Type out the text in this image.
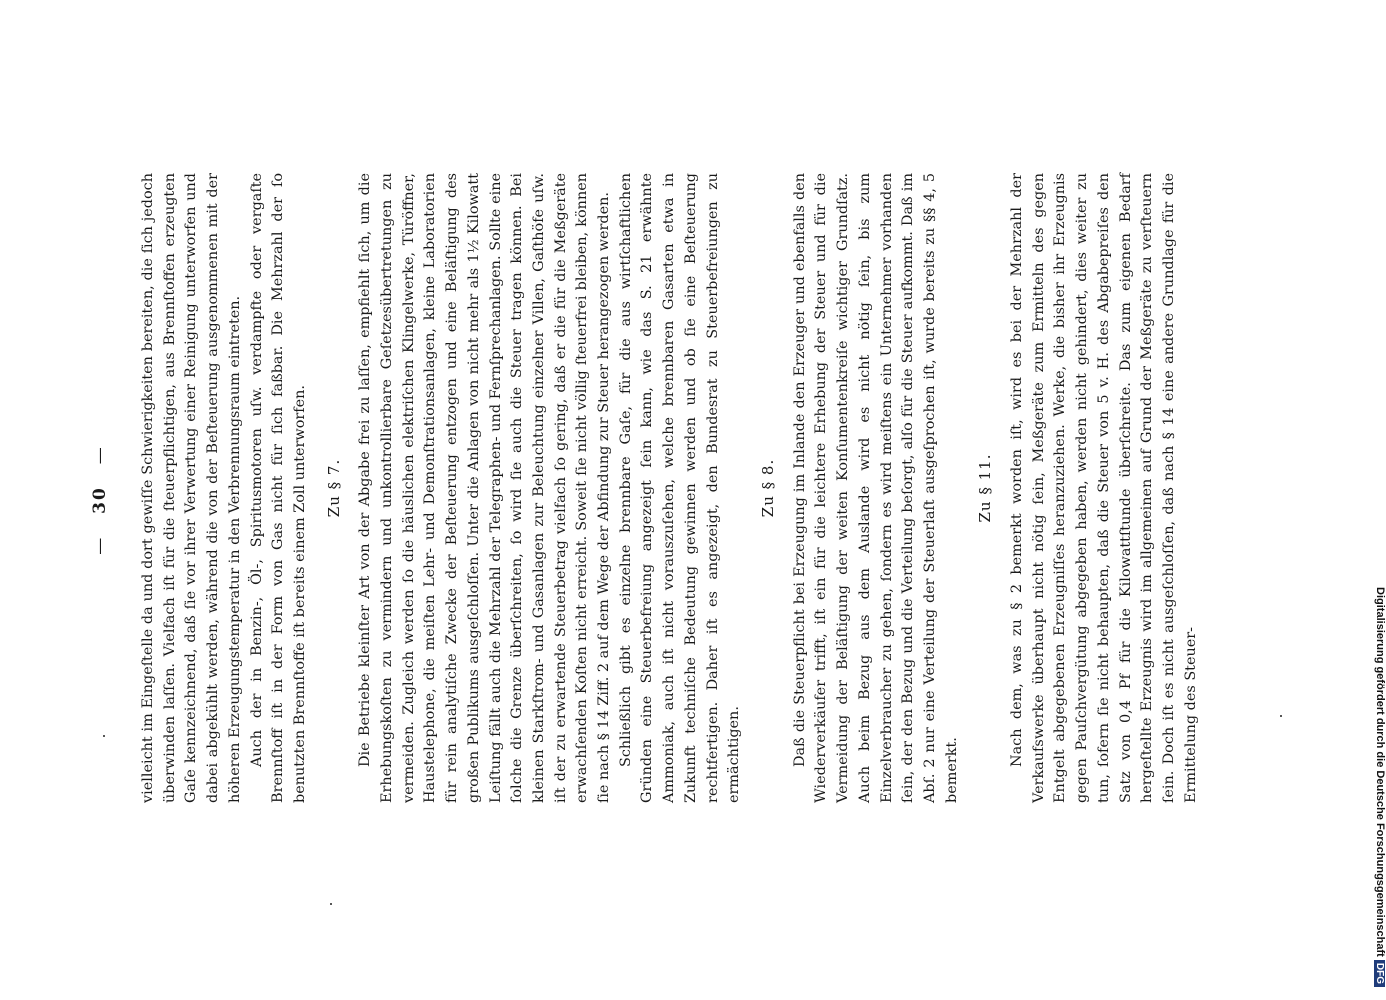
— 30 — vielleicht im Eingeſtelle da und dort gewiſſe Schwierigkeiten bereiten, die ſich jedoch überwinden laſſen. Vielfach iſt für die ſteuerpflichtigen, aus Brennſtoffen erzeugten Gaſe kennzeichnend, daß ſie vor ihrer Verwertung einer Reinigung unterworfen und dabei abgekühlt werden, während die von der Beſteuerung ausgenommenen mit der höheren Erzeugungstemperatur in den Verbrennungsraum eintreten. Auch der in Benzin-, Öl-, Spiritusmotoren uſw. verdampfte oder vergaſte Brennſtoff iſt in der Form von Gas nicht für ſich faßbar. Die Mehrzahl der ſo benutzten Brennſtoffe iſt bereits einem Zoll unterworfen. Zu § 7. Die Betriebe kleinſter Art von der Abgabe frei zu laſſen, empfiehlt ſich, um die Erhebungskoſten zu vermindern und unkontrollierbare Geſetzesübertretungen zu vermeiden. Zugleich werden ſo die häuslichen elektriſchen Klingelwerke, Türöffner, Haustelephone, die meiſten Lehr- und Demonſtrationsanlagen, kleine Laboratorien für rein analytiſche Zwecke der Beſteuerung entzogen und eine Beläſtigung des großen Publikums ausgeſchloſſen. Unter die Anlagen von nicht mehr als 1½ Kilowatt Leiſtung fällt auch die Mehrzahl der Telegraphen- und Fernſprechanlagen. Sollte eine ſolche die Grenze überſchreiten, ſo wird ſie auch die Steuer tragen können. Bei kleinen Starkſtrom- und Gasanlagen zur Beleuchtung einzelner Villen, Gaſthöfe uſw. iſt der zu erwartende Steuerbetrag vielfach ſo gering, daß er die für die Meßgeräte erwachſenden Koſten nicht erreicht. Soweit ſie nicht völlig ſteuerfrei bleiben, können ſie nach § 14 Ziff. 2 auf dem Wege der Abfindung zur Steuer herangezogen werden. Schließlich gibt es einzelne brennbare Gaſe, für die aus wirtſchaftlichen Gründen eine Steuerbefreiung angezeigt ſein kann, wie das S. 21 erwähnte Ammoniak, auch iſt nicht vorauszuſehen, welche brennbaren Gasarten etwa in Zukunft techniſche Bedeutung gewinnen werden und ob ſie eine Beſteuerung rechtfertigen. Daher iſt es angezeigt, den Bundesrat zu Steuerbefreiungen zu ermächtigen.

Zu § 8. Daß die Steuerpflicht bei Erzeugung im Inlande den Erzeuger und ebenfalls den Wiederverkäufer trifft, iſt ein für die leichtere Erhebung der Steuer und für die Vermeidung der Beläſtigung der weiten Konſumentenkreiſe wichtiger Grundſatz. Auch beim Bezug aus dem Auslande wird es nicht nötig ſein, bis zum Einzelverbraucher zu gehen, ſondern es wird meiſtens ein Unternehmer vorhanden ſein, der den Bezug und die Verteilung beſorgt, alſo für die Steuer aufkommt. Daß im Abſ. 2 nur eine Verteilung der Steuerlaſt ausgeſprochen iſt, wurde bereits zu §§ 4, 5 bemerkt.

Zu § 11. Nach dem, was zu § 2 bemerkt worden iſt, wird es bei der Mehrzahl der Verkaufswerke überhaupt nicht nötig ſein, Meßgeräte zum Ermitteln des gegen Entgelt abgegebenen Erzeugniſſes heranzuziehen. Werke, die bisher ihr Erzeugnis gegen Pauſchvergütung abgegeben haben, werden nicht gehindert, dies weiter zu tun, ſofern ſie nicht behaupten, daß die Steuer von 5 v. H. des Abgabepreiſes den Satz von 0,4 Pf für die Kilowattſtunde überſchreite. Das zum eigenen Bedarf hergeſtellte Erzeugnis wird im allgemeinen auf Grund der Meßgeräte zu verſteuern ſein. Doch iſt es nicht ausgeſchloſſen, daß nach § 14 eine andere Grundlage für die Ermittelung des Steuer-	Digitalisierung gefördert durch die Deutsche Forschungsgemeinschaft DFG
